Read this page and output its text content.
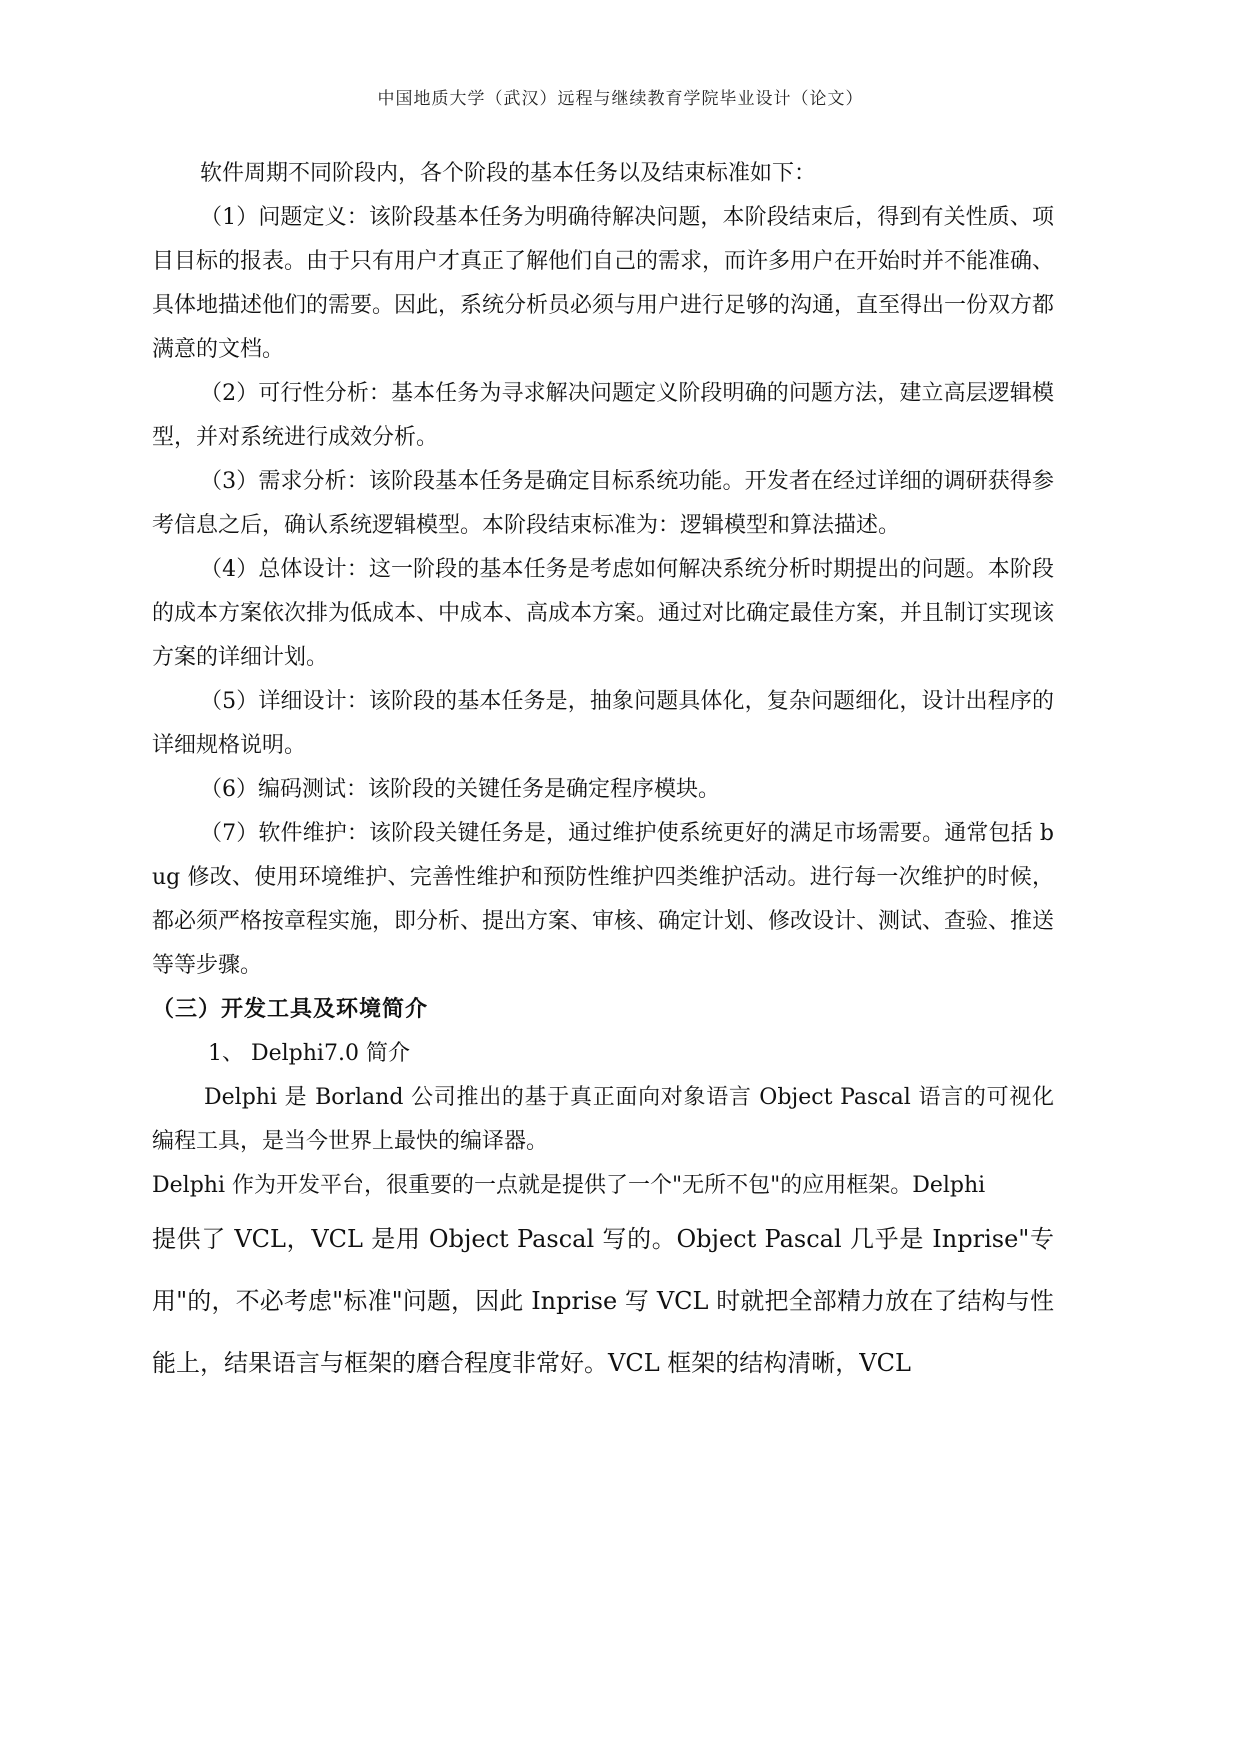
中国地质大学（武汉）远程与继续教育学院毕业设计（论文）

软件周期不同阶段内，各个阶段的基本任务以及结束标准如下：

（1）问题定义：该阶段基本任务为明确待解决问题，本阶段结束后，得到有关性质、项目目标的报表。由于只有用户才真正了解他们自己的需求，而许多用户在开始时并不能准确、具体地描述他们的需要。因此，系统分析员必须与用户进行足够的沟通，直至得出一份双方都满意的文档。

（2）可行性分析：基本任务为寻求解决问题定义阶段明确的问题方法，建立高层逻辑模型，并对系统进行成效分析。

（3）需求分析：该阶段基本任务是确定目标系统功能。开发者在经过详细的调研获得参考信息之后，确认系统逻辑模型。本阶段结束标准为：逻辑模型和算法描述。

（4）总体设计：这一阶段的基本任务是考虑如何解决系统分析时期提出的问题。本阶段的成本方案依次排为低成本、中成本、高成本方案。通过对比确定最佳方案，并且制订实现该方案的详细计划。

（5）详细设计：该阶段的基本任务是，抽象问题具体化，复杂问题细化，设计出程序的详细规格说明。

（6）编码测试：该阶段的关键任务是确定程序模块。

（7）软件维护：该阶段关键任务是，通过维护使系统更好的满足市场需要。通常包括 bug 修改、使用环境维护、完善性维护和预防性维护四类维护活动。进行每一次维护的时候，都必须严格按章程实施，即分析、提出方案、审核、确定计划、修改设计、测试、查验、推送等等步骤。

（三）开发工具及环境简介

1、 Delphi7.0 简介

Delphi 是 Borland 公司推出的基于真正面向对象语言 Object Pascal 语言的可视化编程工具，是当今世界上最快的编译器。

Delphi 作为开发平台，很重要的一点就是提供了一个"无所不包"的应用框架。Delphi

提供了 VCL，VCL 是用 Object Pascal 写的。Object Pascal 几乎是 Inprise"专用"的，不必考虑"标准"问题，因此 Inprise 写 VCL 时就把全部精力放在了结构与性能上，结果语言与框架的磨合程度非常好。VCL 框架的结构清晰，VCL
